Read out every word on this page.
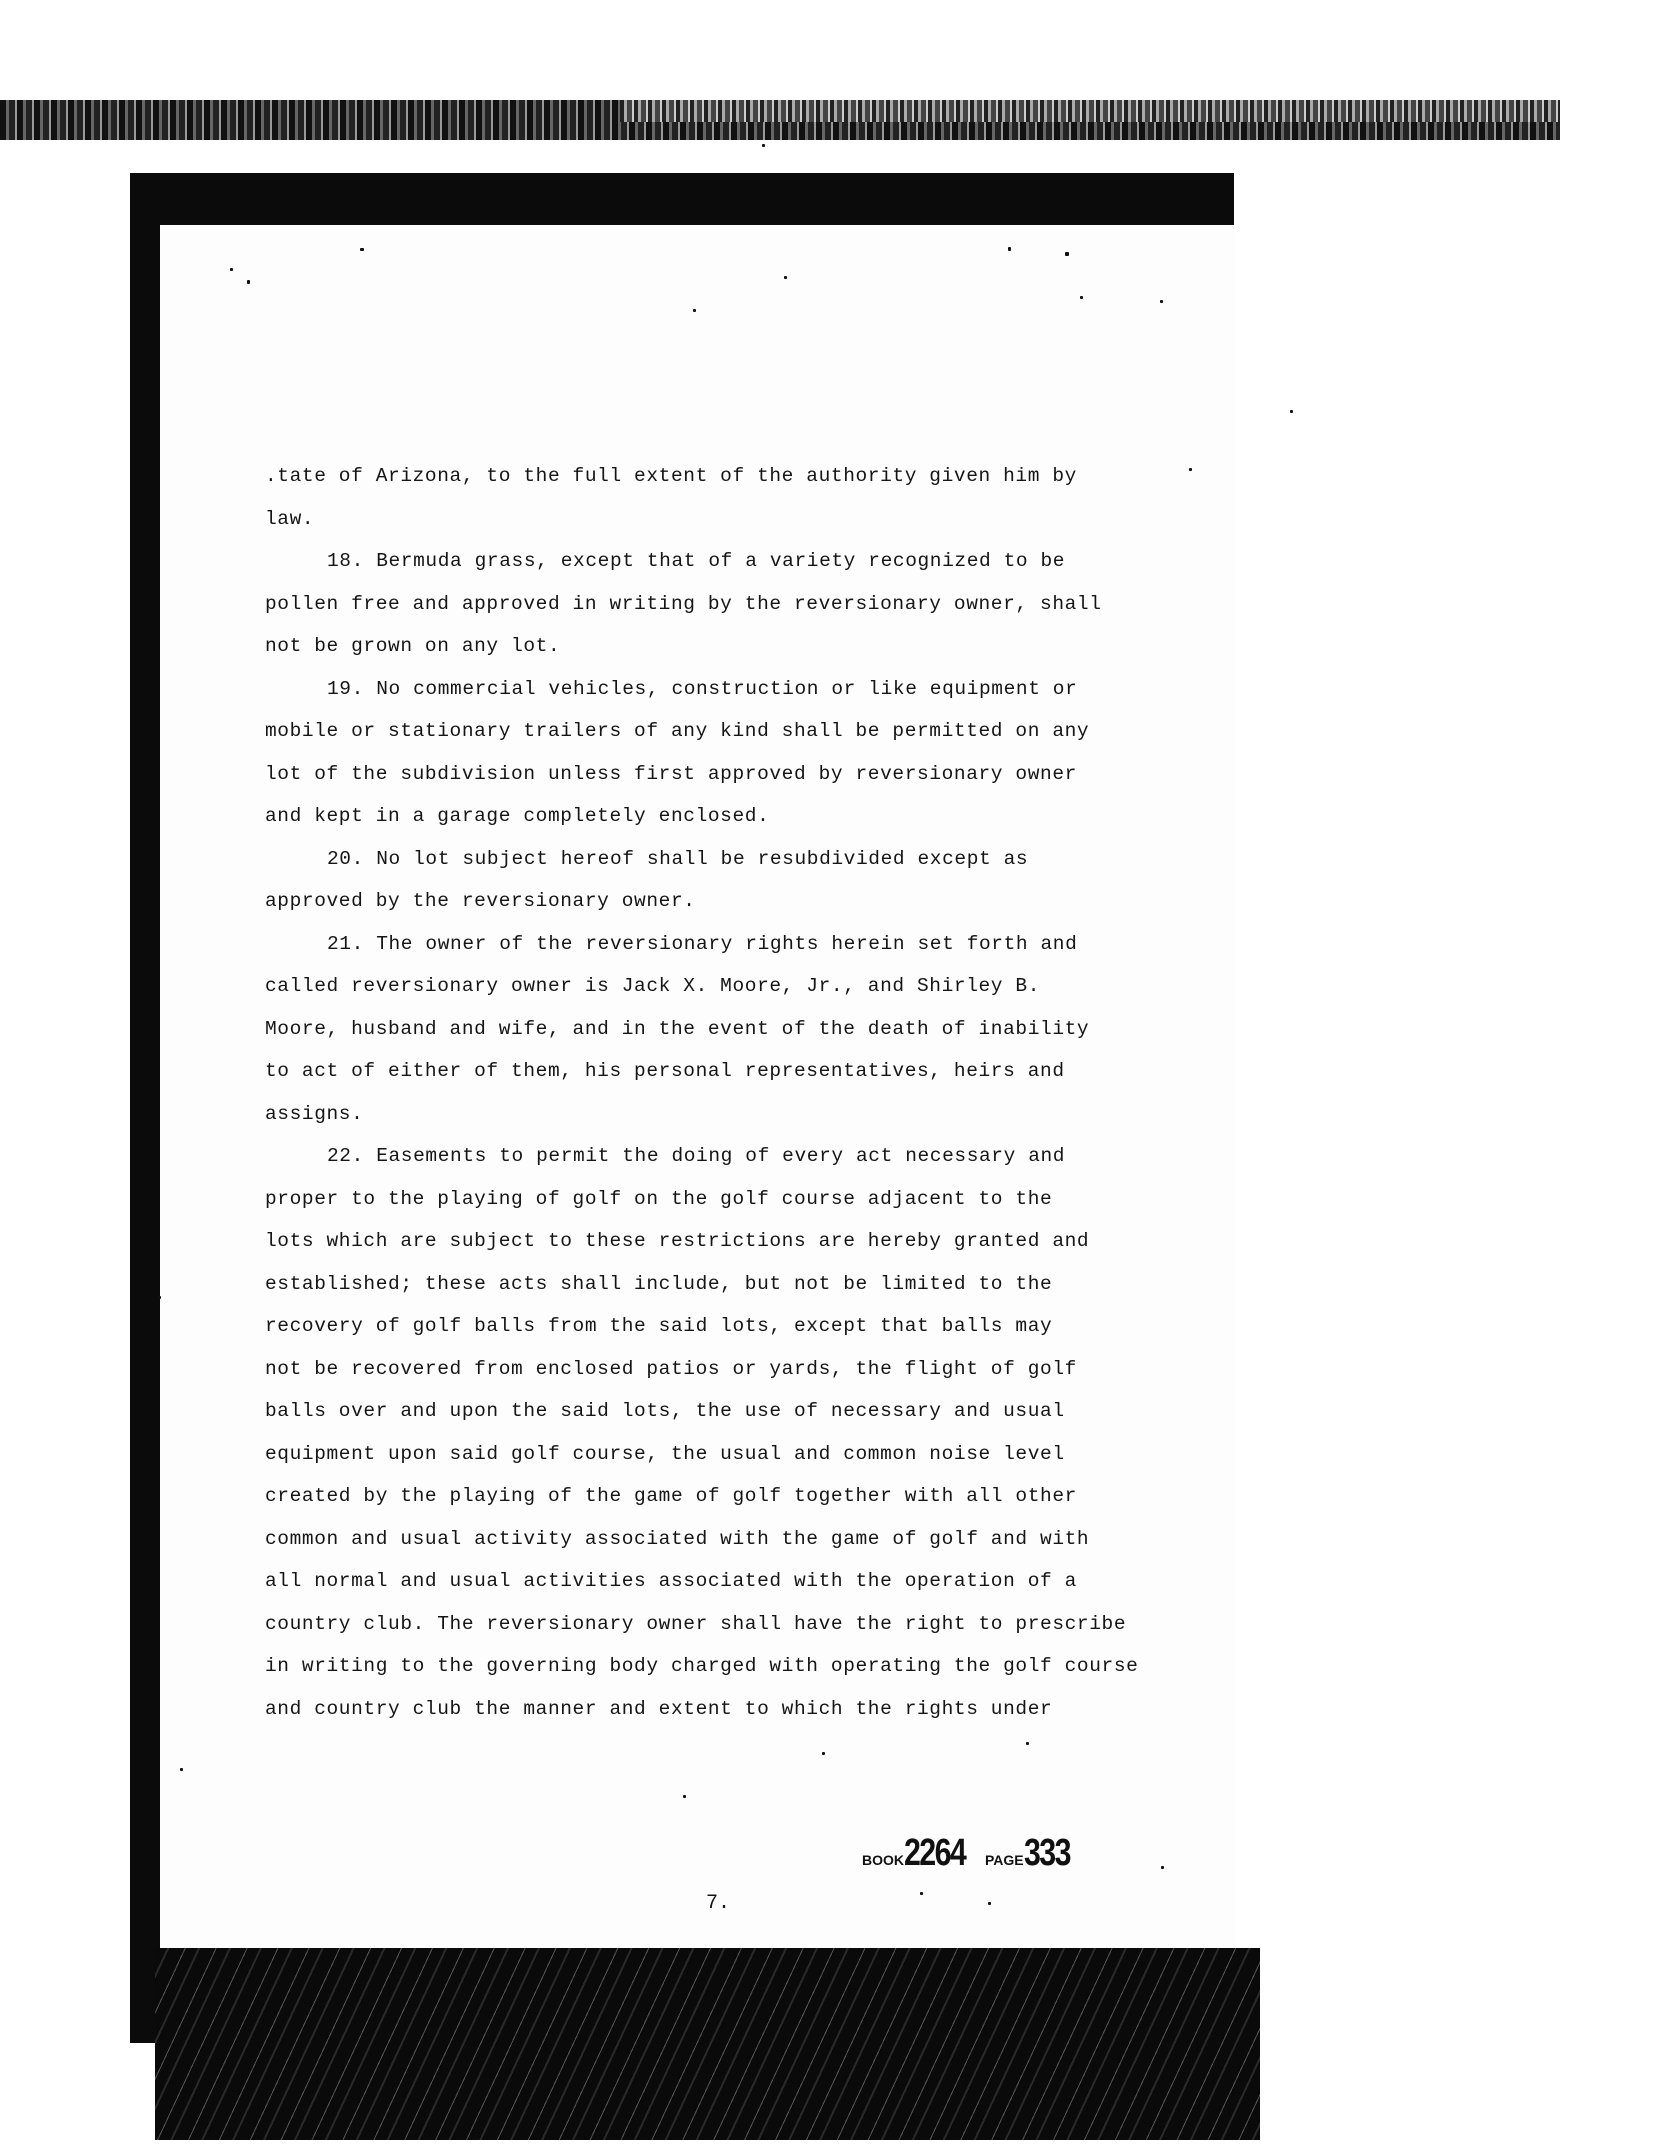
.tate of Arizona, to the full extent of the authority given him by
law.
18. Bermuda grass, except that of a variety recognized to be
pollen free and approved in writing by the reversionary owner, shall
not be grown on any lot.
19. No commercial vehicles, construction or like equipment or
mobile or stationary trailers of any kind shall be permitted on any
lot of the subdivision unless first approved by reversionary owner
and kept in a garage completely enclosed.
20. No lot subject hereof shall be resubdivided except as
approved by the reversionary owner.
21. The owner of the reversionary rights herein set forth and
called reversionary owner is Jack X. Moore, Jr., and Shirley B.
Moore, husband and wife, and in the event of the death of inability
to act of either of them, his personal representatives, heirs and
assigns.
22. Easements to permit the doing of every act necessary and
proper to the playing of golf on the golf course adjacent to the
lots which are subject to these restrictions are hereby granted and
established; these acts shall include, but not be limited to the
recovery of golf balls from the said lots, except that balls may
not be recovered from enclosed patios or yards, the flight of golf
balls over and upon the said lots, the use of necessary and usual
equipment upon said golf course, the usual and common noise level
created by the playing of the game of golf together with all other
common and usual activity associated with the game of golf and with
all normal and usual activities associated with the operation of a
country club. The reversionary owner shall have the right to prescribe
in writing to the governing body charged with operating the golf course
and country club the manner and extent to which the rights under
BOOK2264 PAGE333
7.
